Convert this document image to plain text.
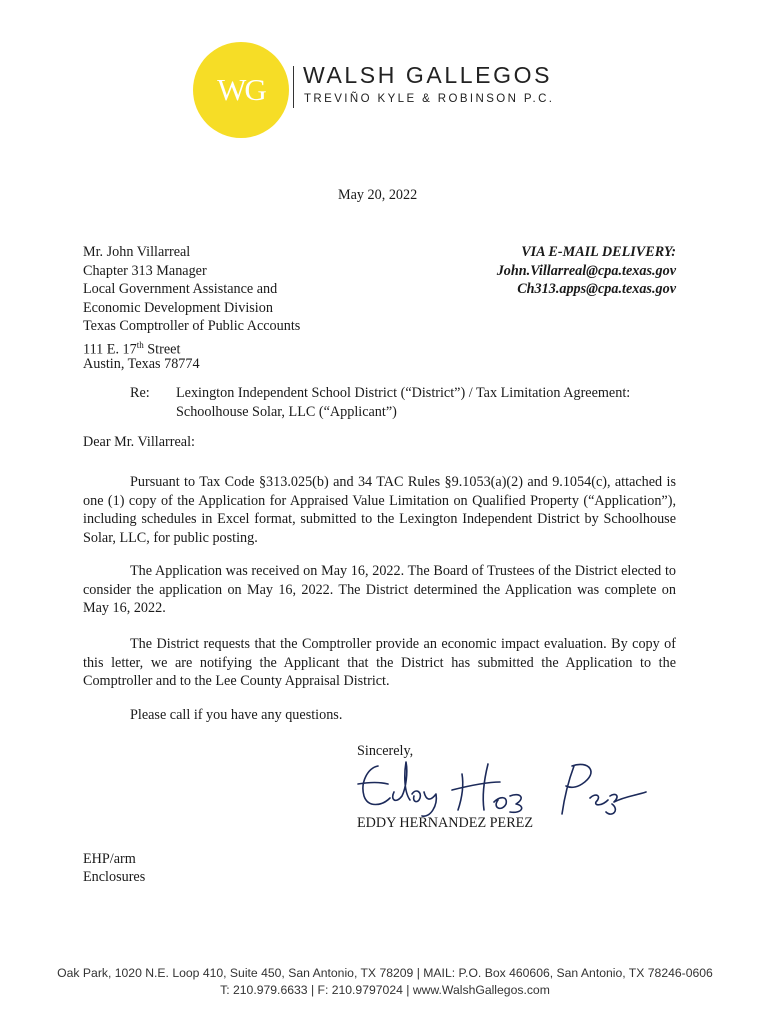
WG WALSH GALLEGOS
TREVIÑO KYLE & ROBINSON P.C.
May 20, 2022
Mr. John Villarreal
Chapter 313 Manager
Local Government Assistance and
Economic Development Division
Texas Comptroller of Public Accounts
111 E. 17th Street
Austin, Texas 78774
VIA E-MAIL DELIVERY:
John.Villarreal@cpa.texas.gov
Ch313.apps@cpa.texas.gov
Re: Lexington Independent School District (“District”) / Tax Limitation Agreement:
Schoolhouse Solar, LLC (“Applicant”)
Dear Mr. Villarreal:
Pursuant to Tax Code §313.025(b) and 34 TAC Rules §9.1053(a)(2) and 9.1054(c), attached is one (1) copy of the Application for Appraised Value Limitation on Qualified Property (“Application”), including schedules in Excel format, submitted to the Lexington Independent District by Schoolhouse Solar, LLC, for public posting.
The Application was received on May 16, 2022. The Board of Trustees of the District elected to consider the application on May 16, 2022. The District determined the Application was complete on May 16, 2022.
The District requests that the Comptroller provide an economic impact evaluation. By copy of this letter, we are notifying the Applicant that the District has submitted the Application to the Comptroller and to the Lee County Appraisal District.
Please call if you have any questions.
Sincerely,
EDDY HERNANDEZ PEREZ
EHP/arm
Enclosures
Oak Park, 1020 N.E. Loop 410, Suite 450, San Antonio, TX 78209 | MAIL: P.O. Box 460606, San Antonio, TX 78246-0606
T: 210.979.6633 | F: 210.9797024 | www.WalshGallegos.com
